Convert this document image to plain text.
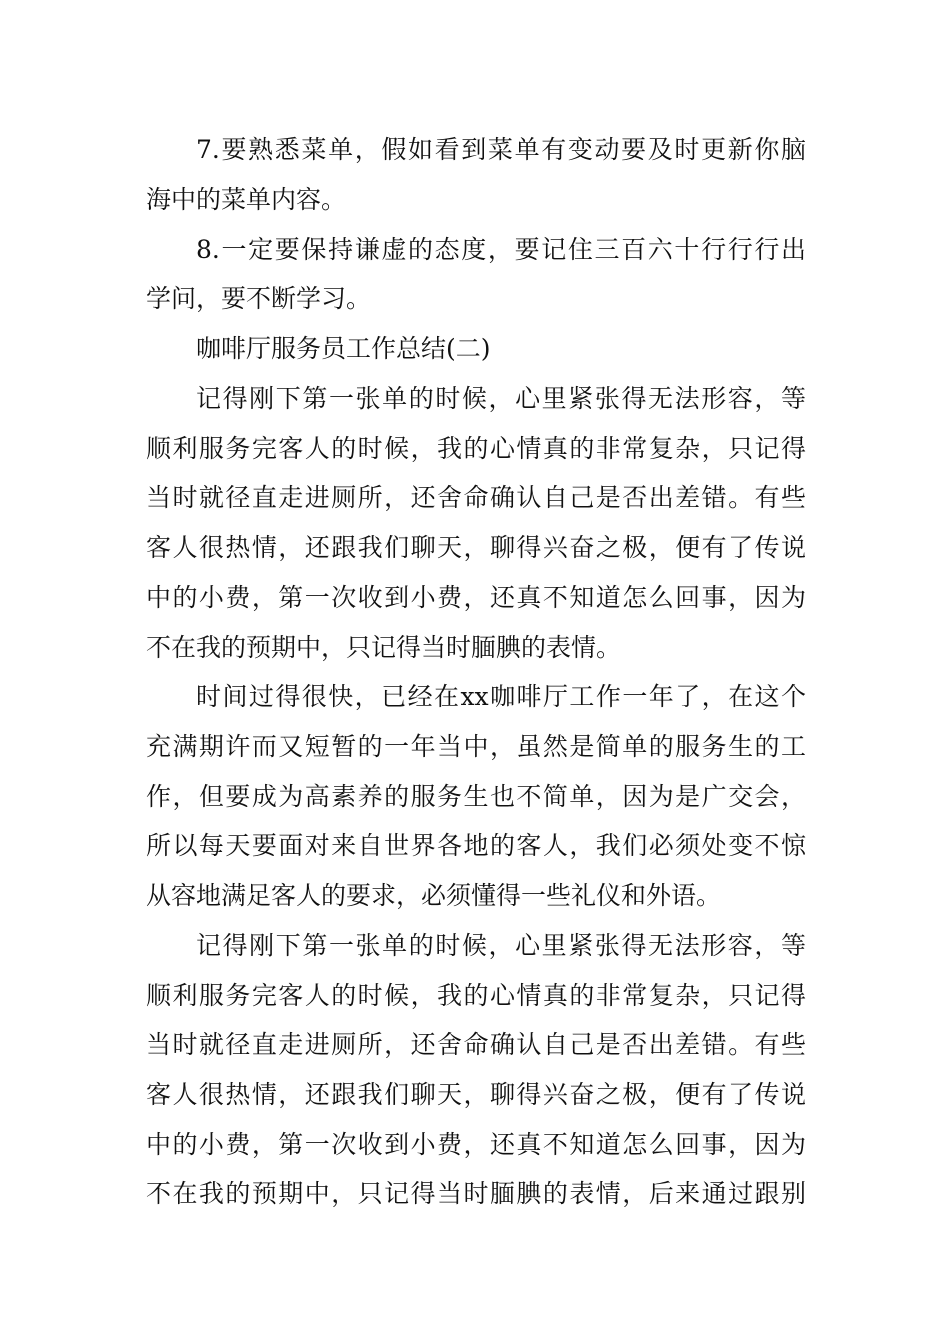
7.要熟悉菜单，假如看到菜单有变动要及时更新你脑
海中的菜单内容。
8.一定要保持谦虚的态度，要记住三百六十行行行出
学问，要不断学习。
咖啡厅服务员工作总结(二)
记得刚下第一张单的时候，心里紧张得无法形容，等
顺利服务完客人的时候，我的心情真的非常复杂，只记得
当时就径直走进厕所，还舍命确认自己是否出差错。有些
客人很热情，还跟我们聊天，聊得兴奋之极，便有了传说
中的小费，第一次收到小费，还真不知道怎么回事，因为
不在我的预期中，只记得当时腼腆的表情。
时间过得很快，已经在xx咖啡厅工作一年了，在这个
充满期许而又短暂的一年当中，虽然是简单的服务生的工
作，但要成为高素养的服务生也不简单，因为是广交会，
所以每天要面对来自世界各地的客人，我们必须处变不惊
从容地满足客人的要求，必须懂得一些礼仪和外语。
记得刚下第一张单的时候，心里紧张得无法形容，等
顺利服务完客人的时候，我的心情真的非常复杂，只记得
当时就径直走进厕所，还舍命确认自己是否出差错。有些
客人很热情，还跟我们聊天，聊得兴奋之极，便有了传说
中的小费，第一次收到小费，还真不知道怎么回事，因为
不在我的预期中，只记得当时腼腆的表情，后来通过跟别
